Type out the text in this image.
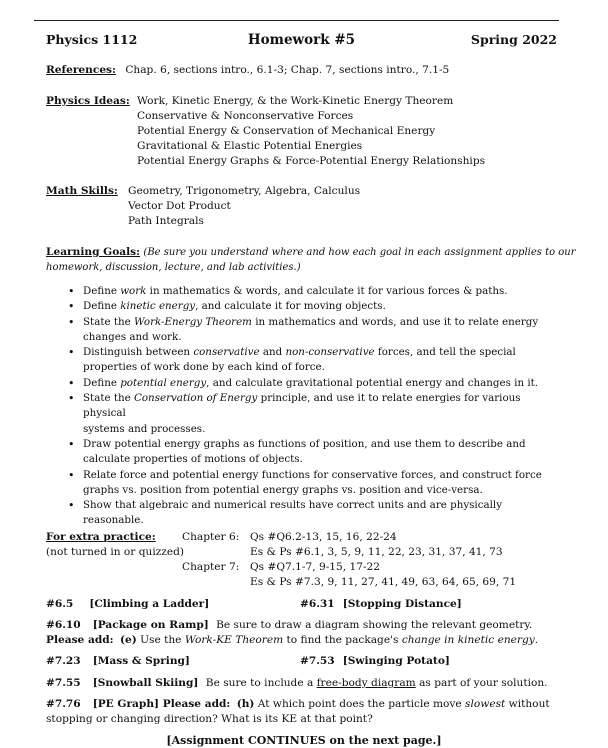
Physics 1112	Homework #5	Spring 2022
References: Chap. 6, sections intro., 6.1-3; Chap. 7, sections intro., 7.1-5
Physics Ideas: Work, Kinetic Energy, & the Work-Kinetic Energy Theorem
Conservative & Nonconservative Forces
Potential Energy & Conservation of Mechanical Energy
Gravitational & Elastic Potential Energies
Potential Energy Graphs & Force-Potential Energy Relationships
Math Skills: Geometry, Trigonometry, Algebra, Calculus
Vector Dot Product
Path Integrals
Learning Goals: (Be sure you understand where and how each goal in each assignment applies to our
homework, discussion, lecture, and lab activities.)
• Define work in mathematics & words, and calculate it for various forces & paths.
• Define kinetic energy, and calculate it for moving objects.
• State the Work-Energy Theorem in mathematics and words, and use it to relate energy
changes and work.
• Distinguish between conservative and non-conservative forces, and tell the special
properties of work done by each kind of force.
• Define potential energy, and calculate gravitational potential energy and changes in it.
• State the Conservation of Energy principle, and use it to relate energies for various physical
systems and processes.
• Draw potential energy graphs as functions of position, and use them to describe and
calculate properties of motions of objects.
• Relate force and potential energy functions for conservative forces, and construct force
graphs vs. position from potential energy graphs vs. position and vice-versa.
• Show that algebraic and numerical results have correct units and are physically
reasonable.
For extra practice:
(not turned in or quizzed)
Chapter 6: Qs #Q6.2-13, 15, 16, 22-24
Es & Ps #6.1, 3, 5, 9, 11, 22, 23, 31, 37, 41, 73
Chapter 7: Qs #Q7.1-7, 9-15, 17-22
Es & Ps #7.3, 9, 11, 27, 41, 49, 63, 64, 65, 69, 71
#6.5 [Climbing a Ladder]	#6.31 [Stopping Distance]
#6.10 [Package on Ramp] Be sure to draw a diagram showing the relevant geometry.
Please add: (e) Use the Work-KE Theorem to find the package's change in kinetic energy.
#7.23 [Mass & Spring]	#7.53 [Swinging Potato]
#7.55 [Snowball Skiing] Be sure to include a free-body diagram as part of your solution.
#7.76 [PE Graph] Please add: (h) At which point does the particle move slowest without
stopping or changing direction? What is its KE at that point?
[Assignment CONTINUES on the next page.]
